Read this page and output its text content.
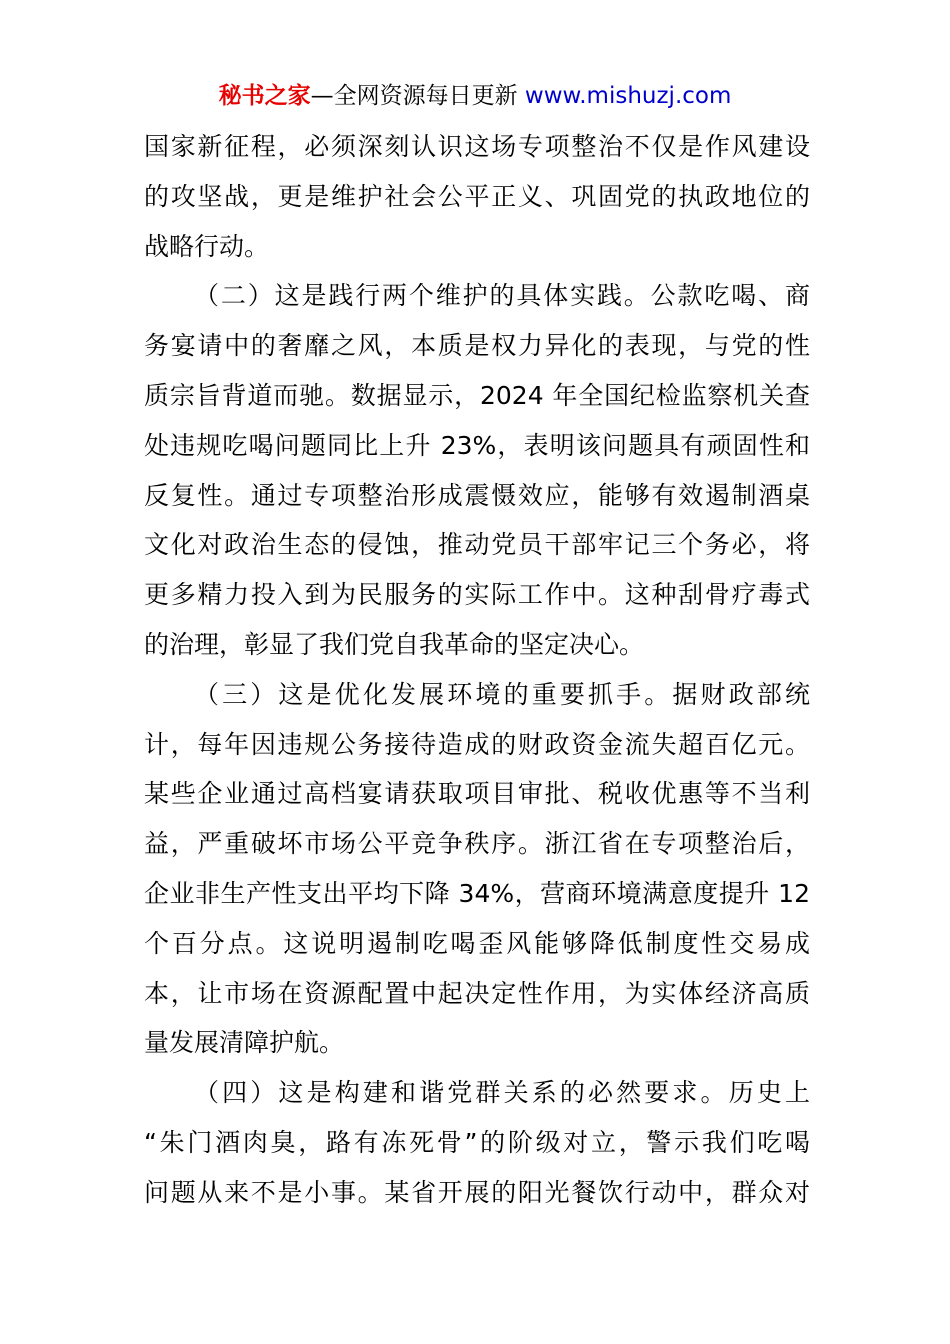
秘书之家—全网资源每日更新 www.mishuzj.com
国家新征程，必须深刻认识这场专项整治不仅是作风建设
的攻坚战，更是维护社会公平正义、巩固党的执政地位的
战略行动。
（二）这是践行两个维护的具体实践。公款吃喝、商
务宴请中的奢靡之风，本质是权力异化的表现，与党的性
质宗旨背道而驰。数据显示，2024 年全国纪检监察机关查
处违规吃喝问题同比上升 23%，表明该问题具有顽固性和
反复性。通过专项整治形成震慑效应，能够有效遏制酒桌
文化对政治生态的侵蚀，推动党员干部牢记三个务必，将
更多精力投入到为民服务的实际工作中。这种刮骨疗毒式
的治理，彰显了我们党自我革命的坚定决心。
（三）这是优化发展环境的重要抓手。据财政部统
计，每年因违规公务接待造成的财政资金流失超百亿元。
某些企业通过高档宴请获取项目审批、税收优惠等不当利
益，严重破坏市场公平竞争秩序。浙江省在专项整治后，
企业非生产性支出平均下降 34%，营商环境满意度提升 12
个百分点。这说明遏制吃喝歪风能够降低制度性交易成
本，让市场在资源配置中起决定性作用，为实体经济高质
量发展清障护航。
（四）这是构建和谐党群关系的必然要求。历史上
“朱门酒肉臭，路有冻死骨”的阶级对立，警示我们吃喝
问题从来不是小事。某省开展的阳光餐饮行动中，群众对
